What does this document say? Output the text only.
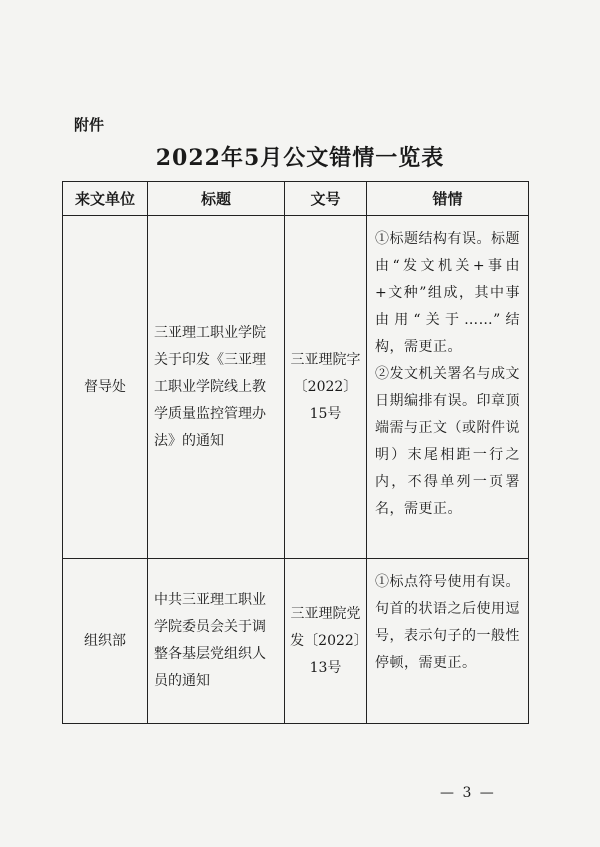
附件
2022年5月公文错情一览表
来文单位	标题	文号	错情
督导处	三亚理工职业学院关于印发《三亚理工职业学院线上教学质量监控管理办法》的通知	三亚理院字〔2022〕15号	①标题结构有误。标题由“发文机关+事由+文种”组成，其中事由用“关于……”结构，需更正。
②发文机关署名与成文日期编排有误。印章顶端需与正文（或附件说明）末尾相距一行之内，不得单列一页署名，需更正。

组织部	中共三亚理工职业学院委员会关于调整各基层党组织人员的通知	三亚理院党发〔2022〕13号	①标点符号使用有误。句首的状语之后使用逗号，表示句子的一般性停顿，需更正。
— 3 —
